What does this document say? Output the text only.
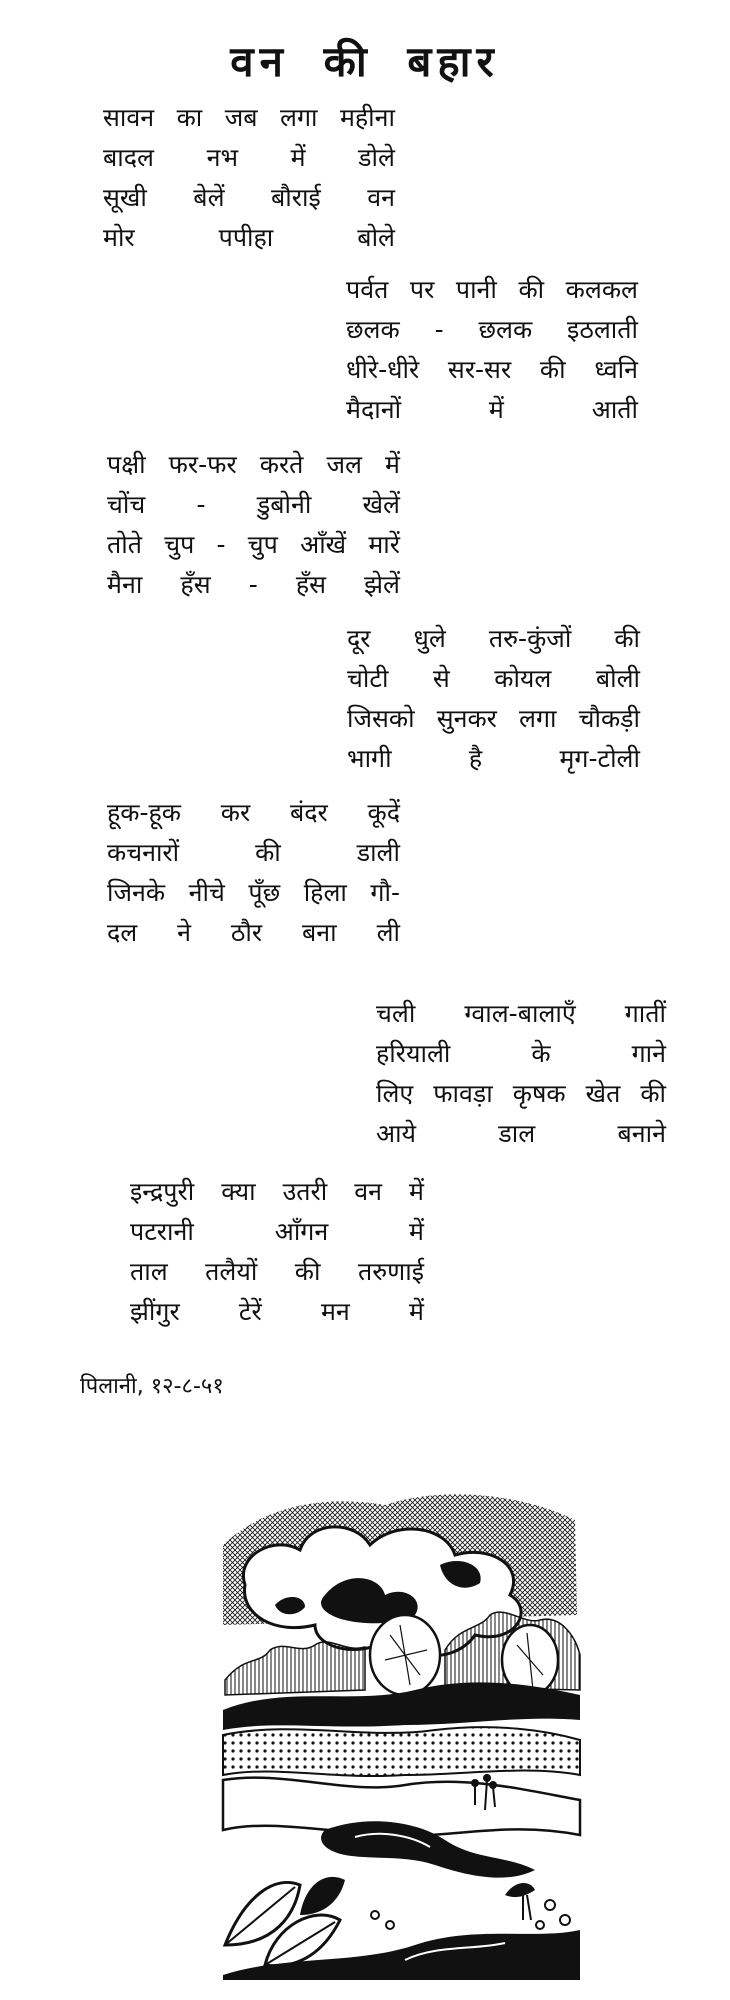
वन की बहार
सावन का जब लगा महीना
बादल नभ में डोले
सूखी बेलें बौराई वन
मोर पपीहा बोले
पर्वत पर पानी की कलकल
छलक - छलक इठलाती
धीरे-धीरे सर-सर की ध्वनि
मैदानों में आती
पक्षी फर-फर करते जल में
चोंच - डुबोनी खेलें
तोते चुप - चुप आँखें मारें
मैना हँस - हँस झेलें
दूर धुले तरु-कुंजों की
चोटी से कोयल बोली
जिसको सुनकर लगा चौकड़ी
भागी है मृग-टोली
हूक-हूक कर बंदर कूदें
कचनारों की डाली
जिनके नीचे पूँछ हिला गौ-
दल ने ठौर बना ली
चली ग्वाल-बालाएँ गातीं
हरियाली के गाने
लिए फावड़ा कृषक खेत की
आये डाल बनाने
इन्द्रपुरी क्या उतरी वन में
पटरानी आँगन में
ताल तलैयों की तरुणाई
झींगुर टेरें मन में
पिलानी, १२-८-५१
